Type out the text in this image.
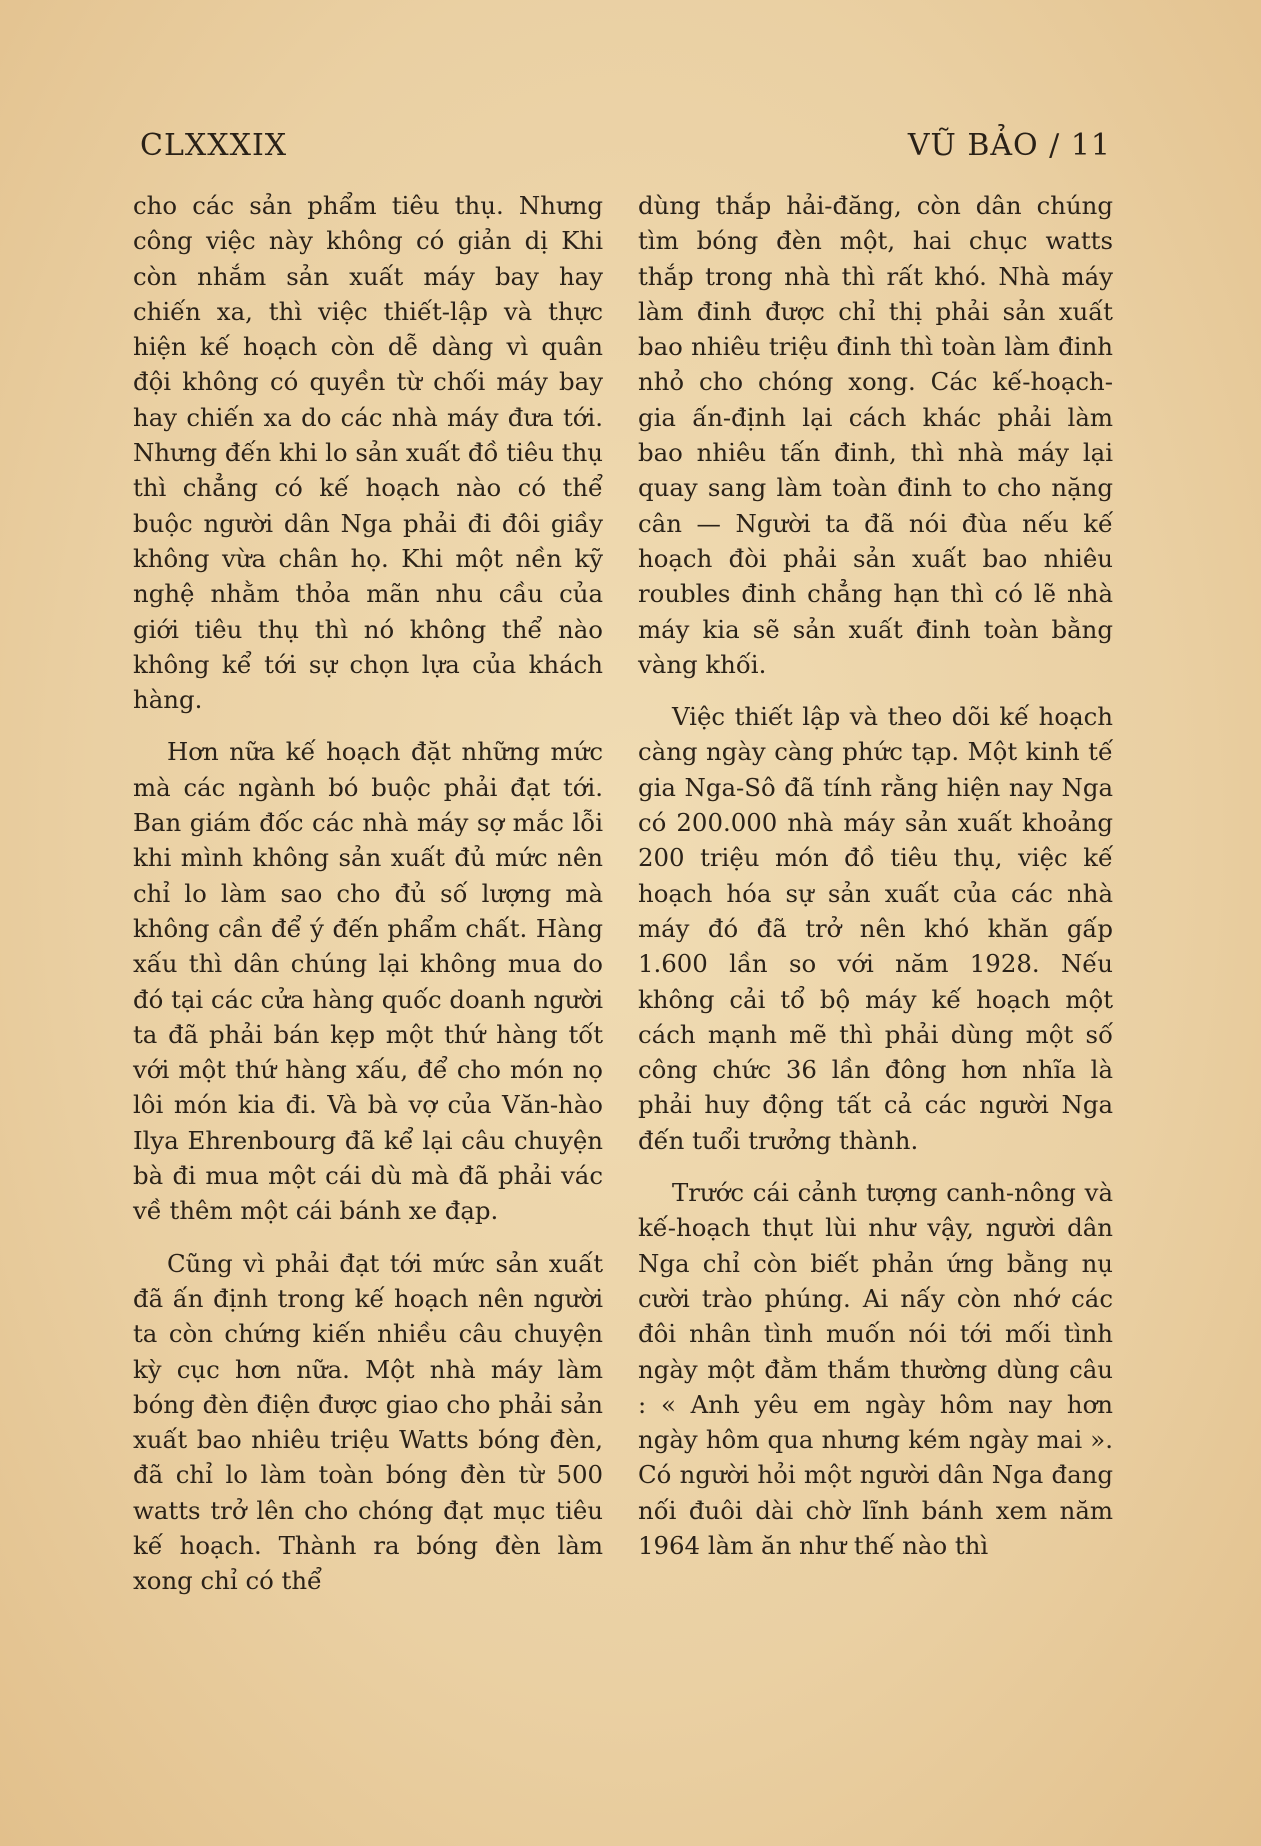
CLXXXIX	VŨ BẢO / 11

cho các sản phẩm tiêu thụ. Nhưng công việc này không có giản dị Khi còn nhắm sản xuất máy bay hay chiến xa, thì việc thiết-lập và thực hiện kế hoạch còn dễ dàng vì quân đội không có quyền từ chối máy bay hay chiến xa do các nhà máy đưa tới. Nhưng đến khi lo sản xuất đồ tiêu thụ thì chẳng có kế hoạch nào có thể buộc người dân Nga phải đi đôi giầy không vừa chân họ. Khi một nền kỹ nghệ nhằm thỏa mãn nhu cầu của giới tiêu thụ thì nó không thể nào không kể tới sự chọn lựa của khách hàng.

Hơn nữa kế hoạch đặt những mức mà các ngành bó buộc phải đạt tới. Ban giám đốc các nhà máy sợ mắc lỗi khi mình không sản xuất đủ mức nên chỉ lo làm sao cho đủ số lượng mà không cần để ý đến phẩm chất. Hàng xấu thì dân chúng lại không mua do đó tại các cửa hàng quốc doanh người ta đã phải bán kẹp một thứ hàng tốt với một thứ hàng xấu, để cho món nọ lôi món kia đi. Và bà vợ của Văn-hào Ilya Ehrenbourg đã kể lại câu chuyện bà đi mua một cái dù mà đã phải vác về thêm một cái bánh xe đạp.

Cũng vì phải đạt tới mức sản xuất đã ấn định trong kế hoạch nên người ta còn chứng kiến nhiều câu chuyện kỳ cục hơn nữa. Một nhà máy làm bóng đèn điện được giao cho phải sản xuất bao nhiêu triệu Watts bóng đèn, đã chỉ lo làm toàn bóng đèn từ 500 watts trở lên cho chóng đạt mục tiêu kế hoạch. Thành ra bóng đèn làm xong chỉ có thể

dùng thắp hải-đăng, còn dân chúng tìm bóng đèn một, hai chục watts thắp trong nhà thì rất khó. Nhà máy làm đinh được chỉ thị phải sản xuất bao nhiêu triệu đinh thì toàn làm đinh nhỏ cho chóng xong. Các kế-hoạch-gia ấn-định lại cách khác phải làm bao nhiêu tấn đinh, thì nhà máy lại quay sang làm toàn đinh to cho nặng cân — Người ta đã nói đùa nếu kế hoạch đòi phải sản xuất bao nhiêu roubles đinh chẳng hạn thì có lẽ nhà máy kia sẽ sản xuất đinh toàn bằng vàng khối.

Việc thiết lập và theo dõi kế hoạch càng ngày càng phức tạp. Một kinh tế gia Nga-Sô đã tính rằng hiện nay Nga có 200.000 nhà máy sản xuất khoảng 200 triệu món đồ tiêu thụ, việc kế hoạch hóa sự sản xuất của các nhà máy đó đã trở nên khó khăn gấp 1.600 lần so với năm 1928. Nếu không cải tổ bộ máy kế hoạch một cách mạnh mẽ thì phải dùng một số công chức 36 lần đông hơn nhĩa là phải huy động tất cả các người Nga đến tuổi trưởng thành.

Trước cái cảnh tượng canh-nông và kế-hoạch thụt lùi như vậy, người dân Nga chỉ còn biết phản ứng bằng nụ cười trào phúng. Ai nấy còn nhớ các đôi nhân tình muốn nói tới mối tình ngày một đằm thắm thường dùng câu : « Anh yêu em ngày hôm nay hơn ngày hôm qua nhưng kém ngày mai ». Có người hỏi một người dân Nga đang nối đuôi dài chờ lĩnh bánh xem năm 1964 làm ăn như thế nào thì
